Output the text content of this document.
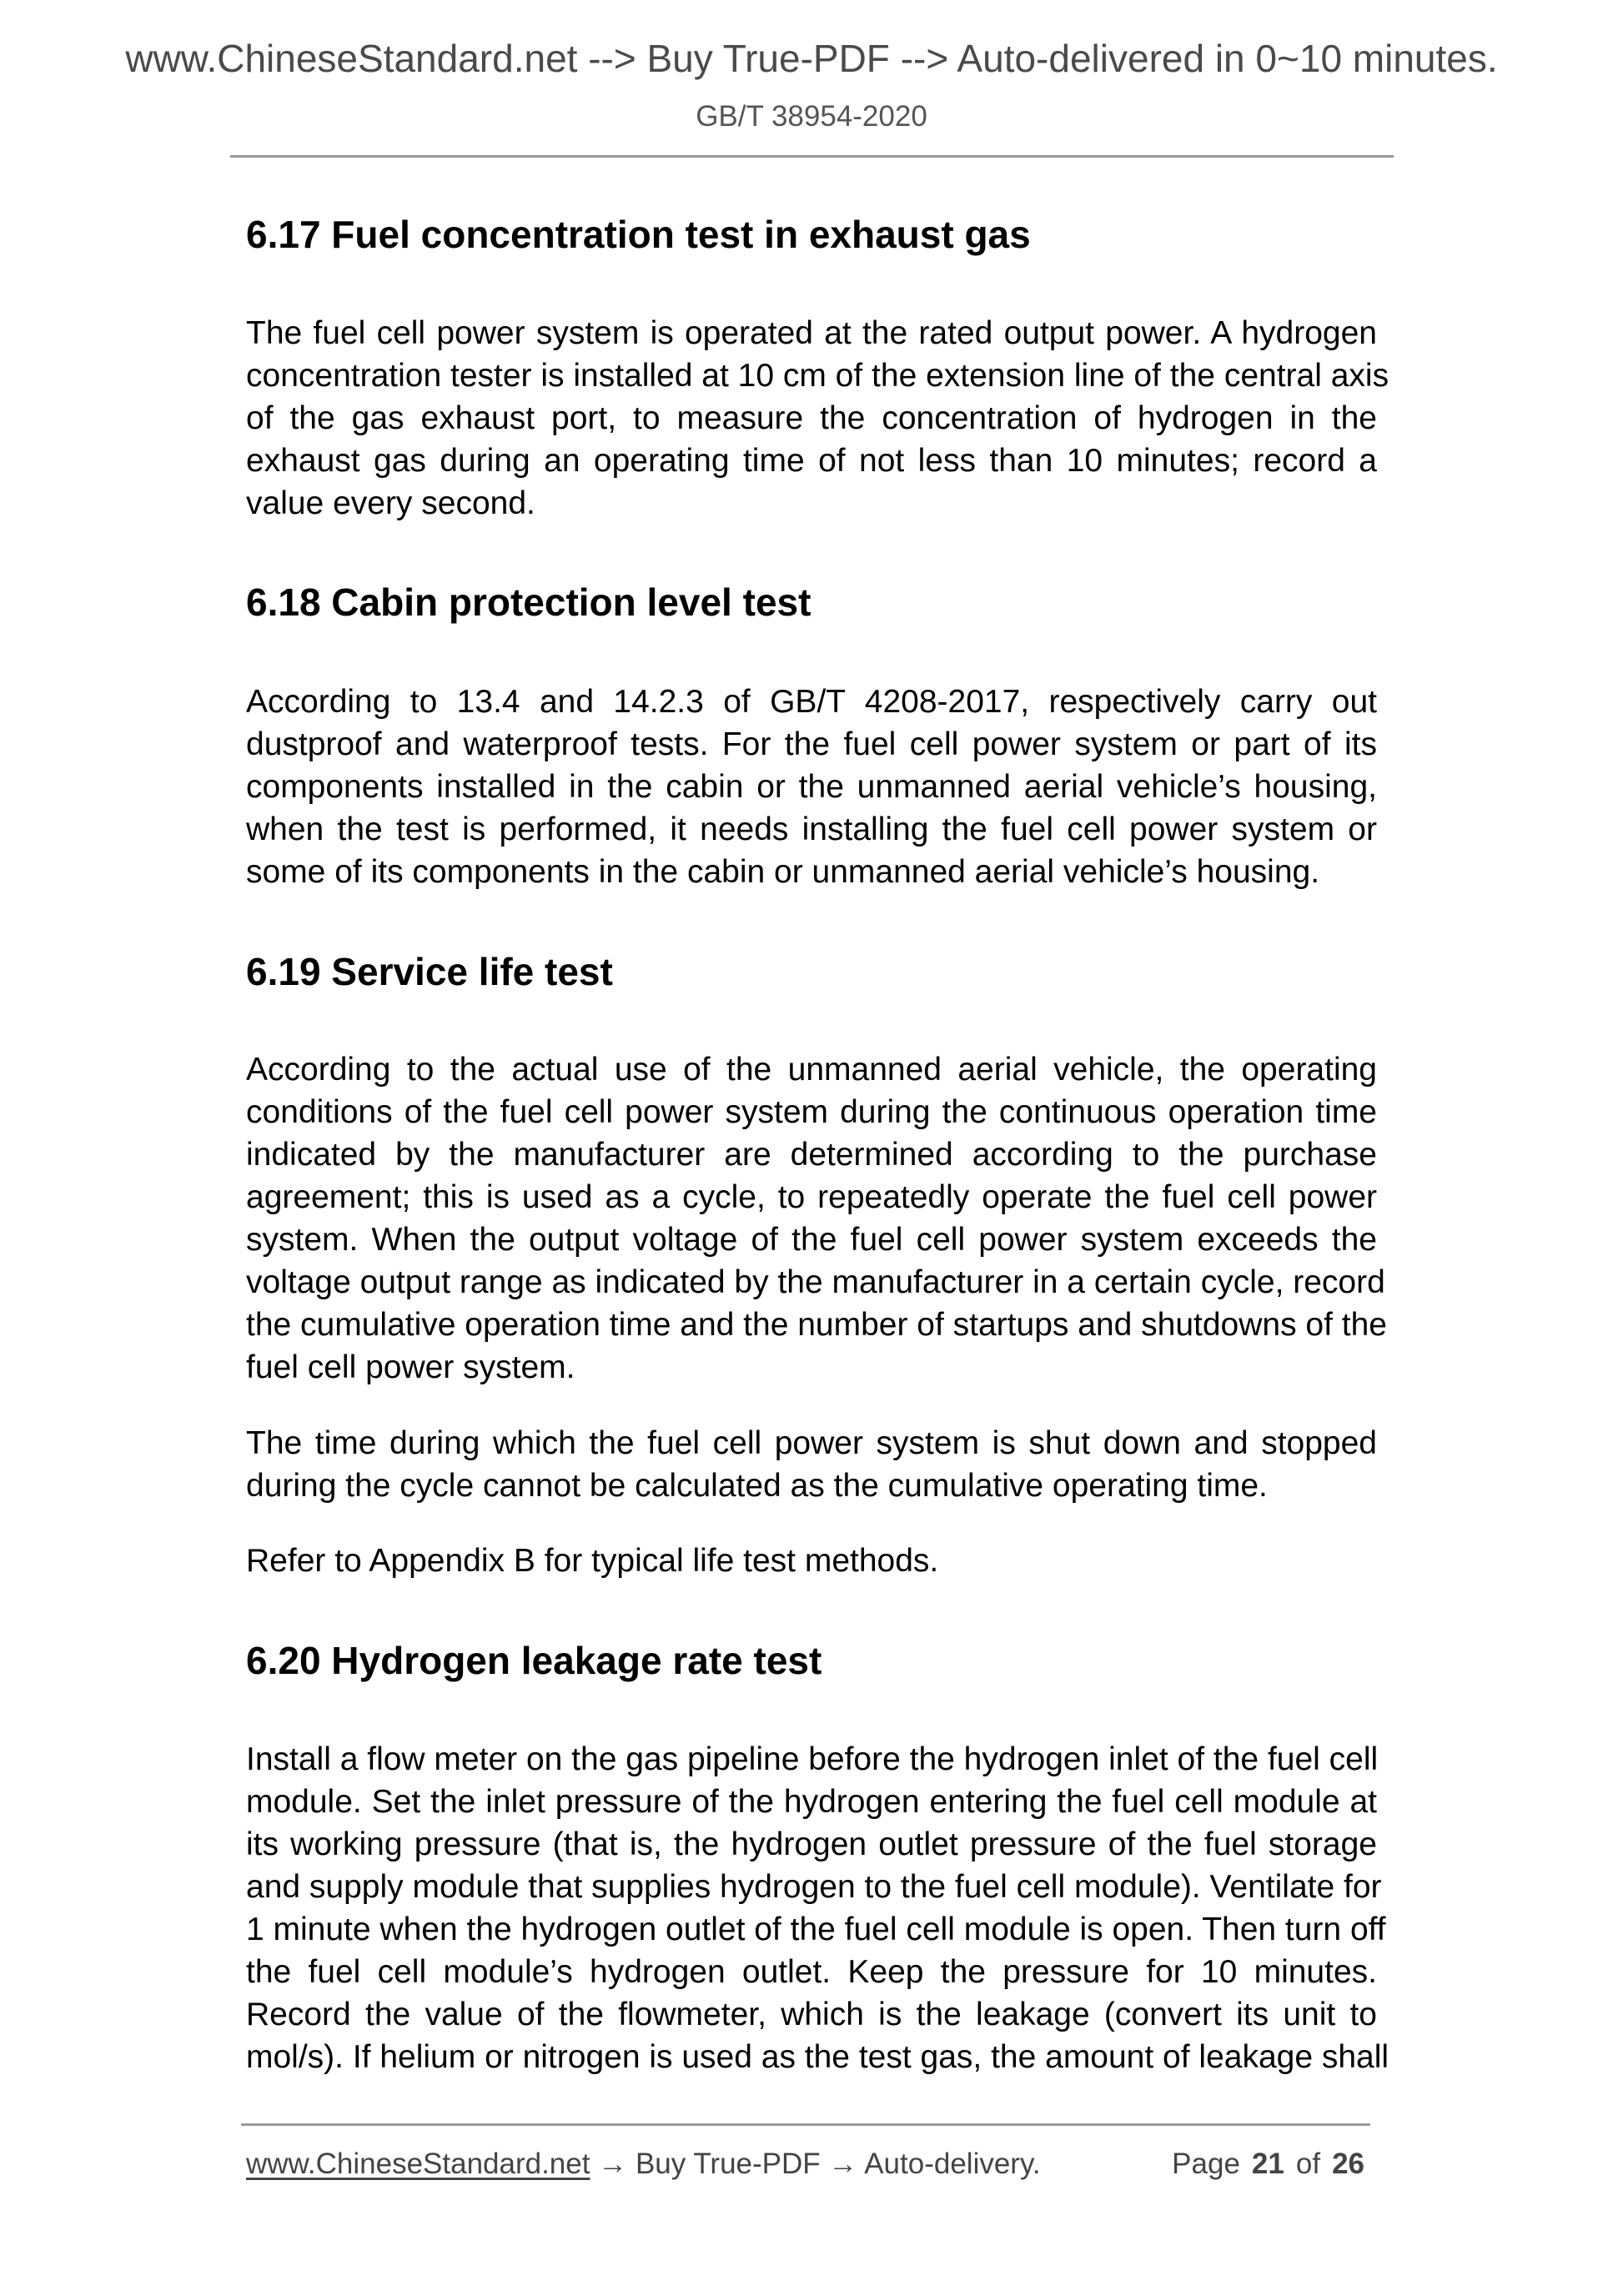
www.ChineseStandard.net --> Buy True-PDF --> Auto-delivered in 0~10 minutes.
GB/T 38954-2020
6.17 Fuel concentration test in exhaust gas

The fuel cell power system is operated at the rated output power. A hydrogen
concentration tester is installed at 10 cm of the extension line of the central axis
of the gas exhaust port, to measure the concentration of hydrogen in the
exhaust gas during an operating time of not less than 10 minutes; record a
value every second.

6.18 Cabin protection level test

According to 13.4 and 14.2.3 of GB/T 4208-2017, respectively carry out
dustproof and waterproof tests. For the fuel cell power system or part of its
components installed in the cabin or the unmanned aerial vehicle’s housing,
when the test is performed, it needs installing the fuel cell power system or
some of its components in the cabin or unmanned aerial vehicle’s housing.

6.19 Service life test

According to the actual use of the unmanned aerial vehicle, the operating
conditions of the fuel cell power system during the continuous operation time
indicated by the manufacturer are determined according to the purchase
agreement; this is used as a cycle, to repeatedly operate the fuel cell power
system. When the output voltage of the fuel cell power system exceeds the
voltage output range as indicated by the manufacturer in a certain cycle, record
the cumulative operation time and the number of startups and shutdowns of the
fuel cell power system.

The time during which the fuel cell power system is shut down and stopped
during the cycle cannot be calculated as the cumulative operating time.

Refer to Appendix B for typical life test methods.

6.20 Hydrogen leakage rate test

Install a flow meter on the gas pipeline before the hydrogen inlet of the fuel cell
module. Set the inlet pressure of the hydrogen entering the fuel cell module at
its working pressure (that is, the hydrogen outlet pressure of the fuel storage
and supply module that supplies hydrogen to the fuel cell module). Ventilate for
1 minute when the hydrogen outlet of the fuel cell module is open. Then turn off
the fuel cell module’s hydrogen outlet. Keep the pressure for 10 minutes.
Record the value of the flowmeter, which is the leakage (convert its unit to
mol/s). If helium or nitrogen is used as the test gas, the amount of leakage shall

www.ChineseStandard.net → Buy True-PDF → Auto-delivery.	Page 21 of 26
